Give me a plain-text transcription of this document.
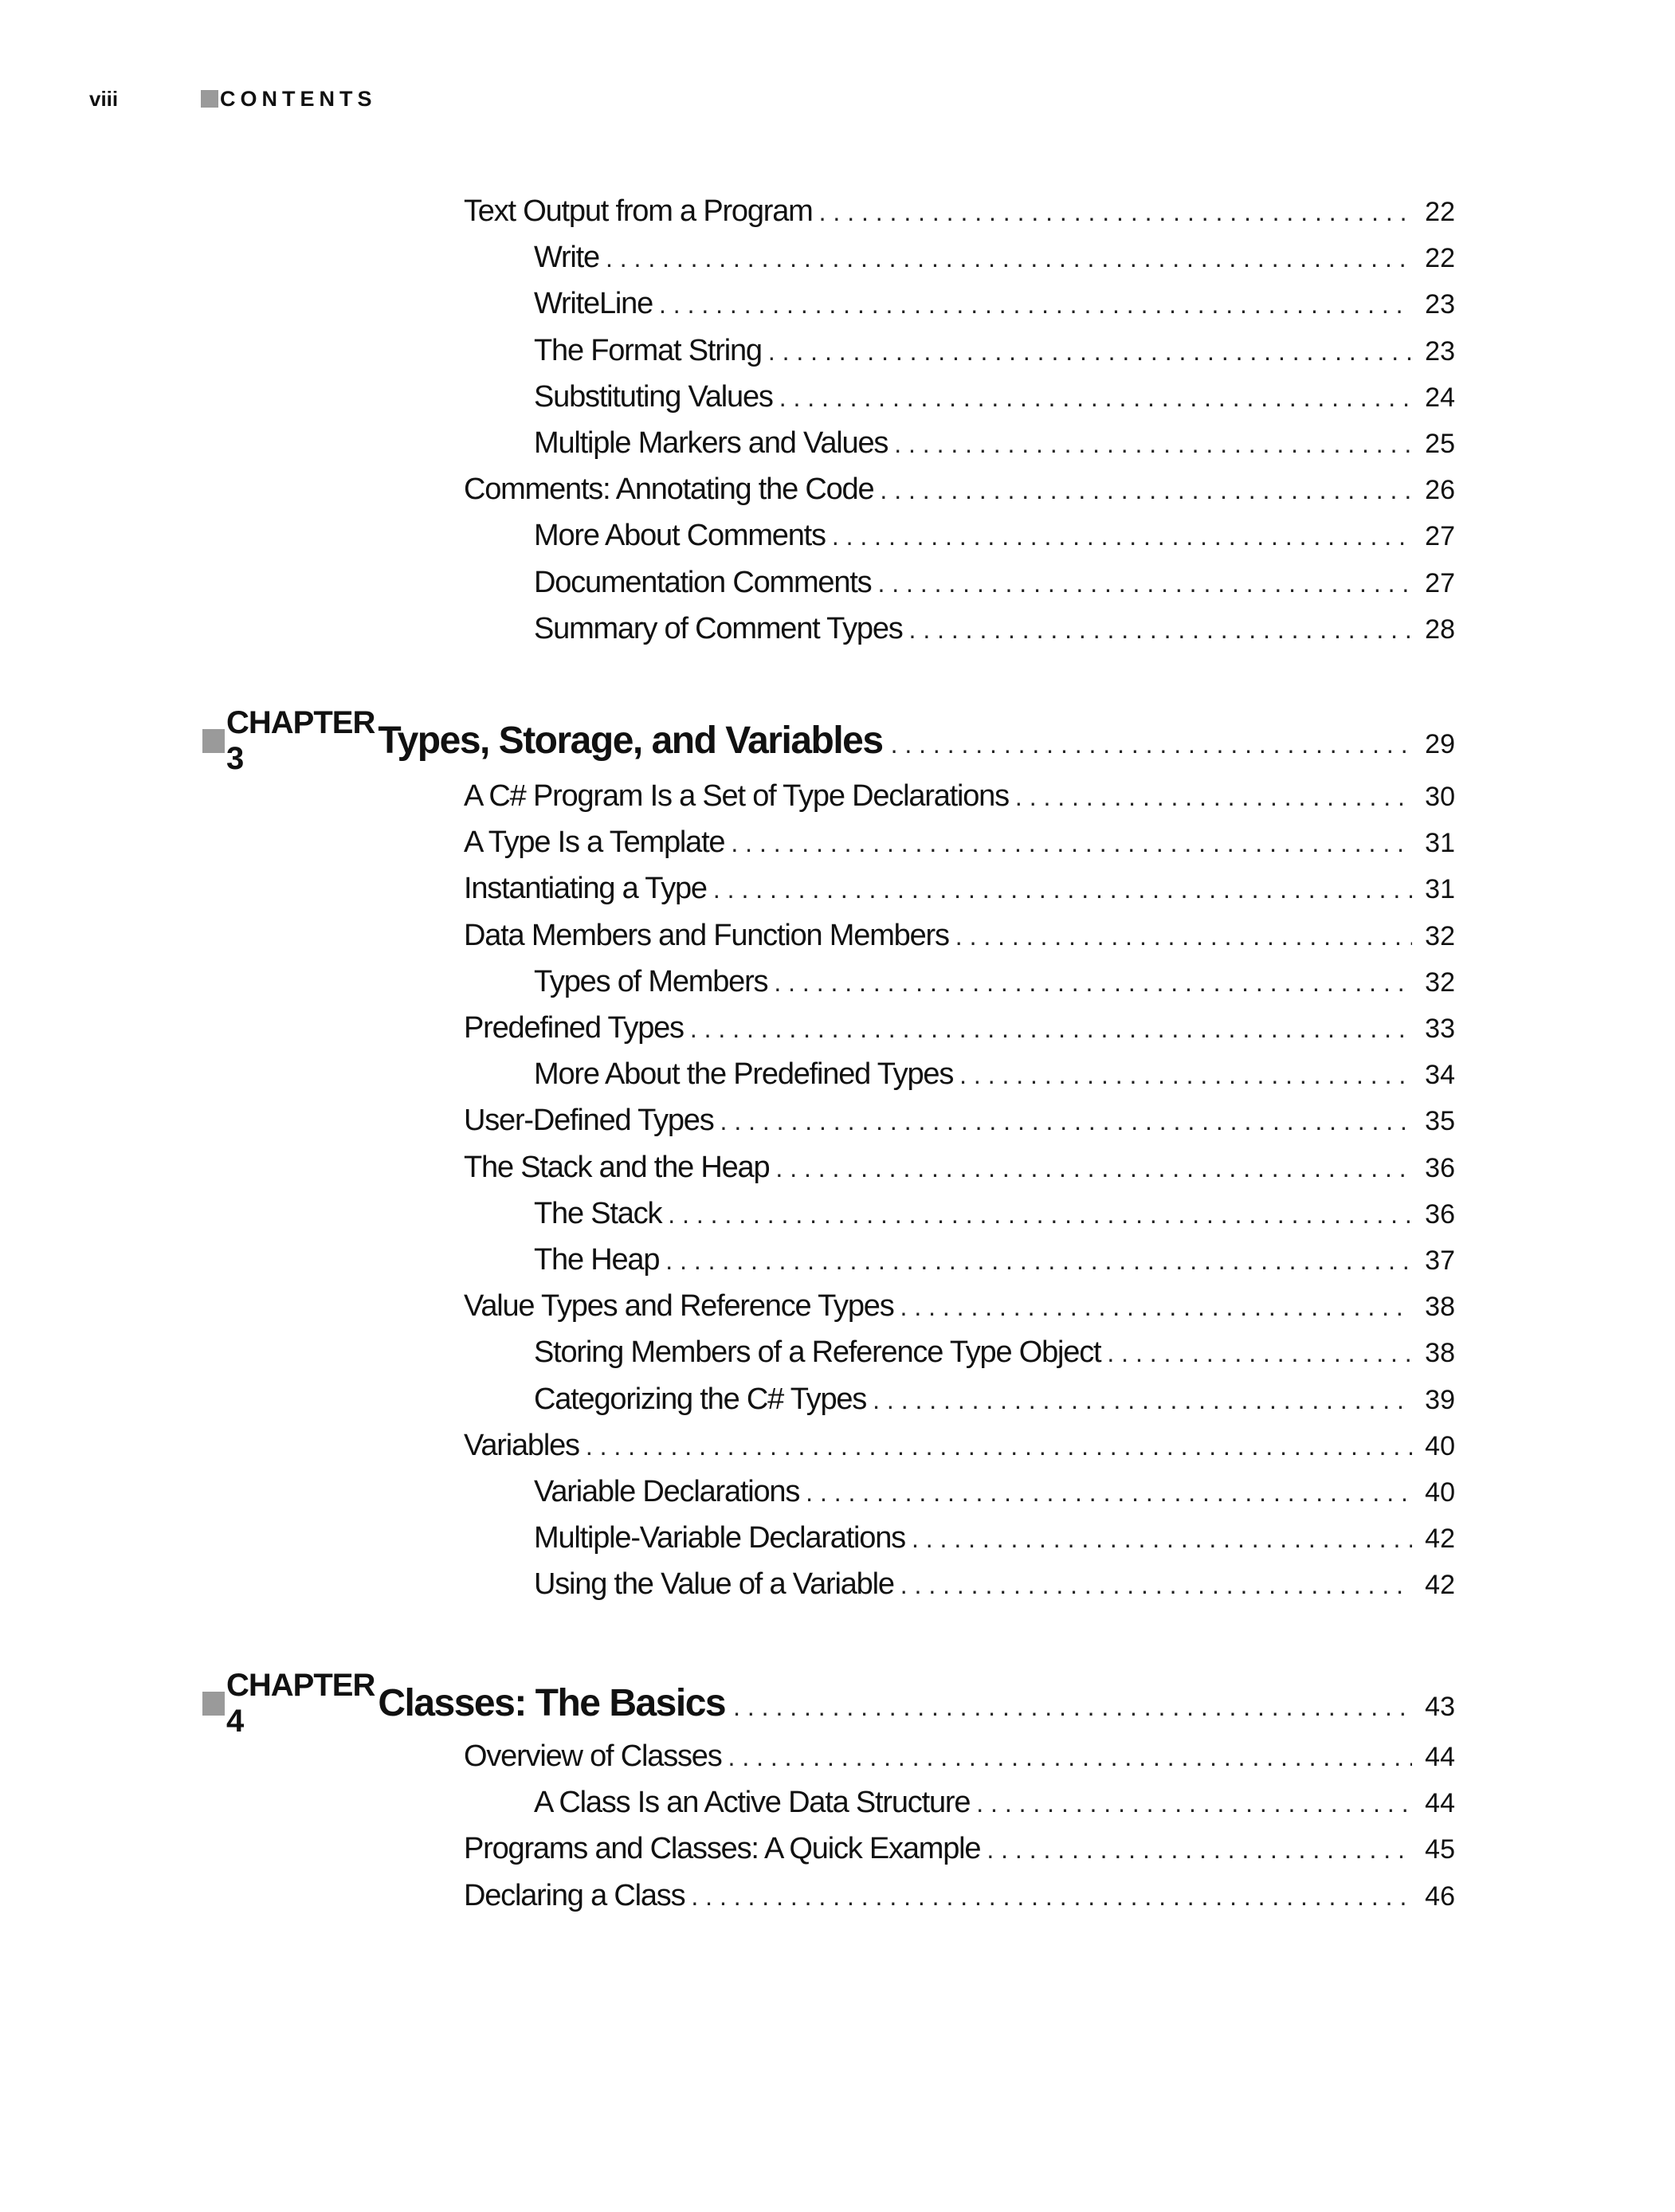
viii	CONTENTS
Text Output from a Program . . .	22
Write . . .	22
WriteLine . . .	23
The Format String . . .	23
Substituting Values . . .	24
Multiple Markers and Values . . .	25
Comments: Annotating the Code . . .	26
More About Comments . . .	27
Documentation Comments . . .	27
Summary of Comment Types . . .	28
CHAPTER 3	Types, Storage, and Variables . . .	29
A C# Program Is a Set of Type Declarations . . .	30
A Type Is a Template . . .	31
Instantiating a Type . . .	31
Data Members and Function Members . . .	32
Types of Members . . .	32
Predefined Types . . .	33
More About the Predefined Types . . .	34
User-Defined Types . . .	35
The Stack and the Heap . . .	36
The Stack . . .	36
The Heap . . .	37
Value Types and Reference Types . . .	38
Storing Members of a Reference Type Object . . .	38
Categorizing the C# Types . . .	39
Variables . . .	40
Variable Declarations . . .	40
Multiple-Variable Declarations . . .	42
Using the Value of a Variable . . .	42
CHAPTER 4	Classes: The Basics . . .	43
Overview of Classes . . .	44
A Class Is an Active Data Structure . . .	44
Programs and Classes: A Quick Example . . .	45
Declaring a Class . . .	46
